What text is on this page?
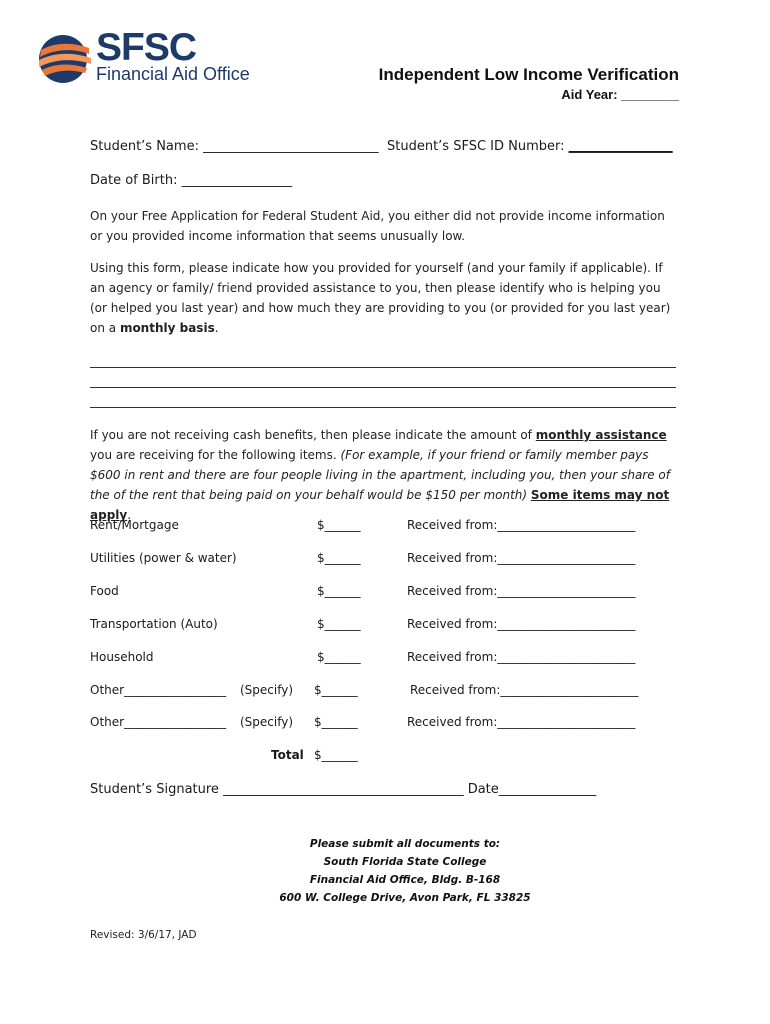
SFSC
Financial Aid Office	Independent Low Income Verification
Aid Year: ________
Student’s Name: ___________________________ Student’s SFSC ID Number: ________________
Date of Birth: _________________
On your Free Application for Federal Student Aid, you either did not provide income information or you provided income information that seems unusually low.
Using this form, please indicate how you provided for yourself (and your family if applicable). If an agency or family/ friend provided assistance to you, then please identify who is helping you (or helped you last year) and how much they are providing to you (or provided for you last year) on a monthly basis.
If you are not receiving cash benefits, then please indicate the amount of monthly assistance you are receiving for the following items. (For example, if your friend or family member pays $600 in rent and there are four people living in the apartment, including you, then your share of the of the rent that being paid on your behalf would be $150 per month) Some items may not apply.
Rent/Mortgage	$______	Received from:_______________________
Utilities (power & water)	$______	Received from:_______________________
Food	$______	Received from:_______________________
Transportation (Auto)	$______	Received from:_______________________
Household	$______	Received from:_______________________
Other_________________ (Specify) $______	Received from:_______________________
Other_________________ (Specify) $______	Received from:_______________________
Total $______
Student’s Signature _____________________________________ Date_______________
Please submit all documents to:
South Florida State College
Financial Aid Office, Bldg. B-168
600 W. College Drive, Avon Park, FL 33825
Revised: 3/6/17, JAD
